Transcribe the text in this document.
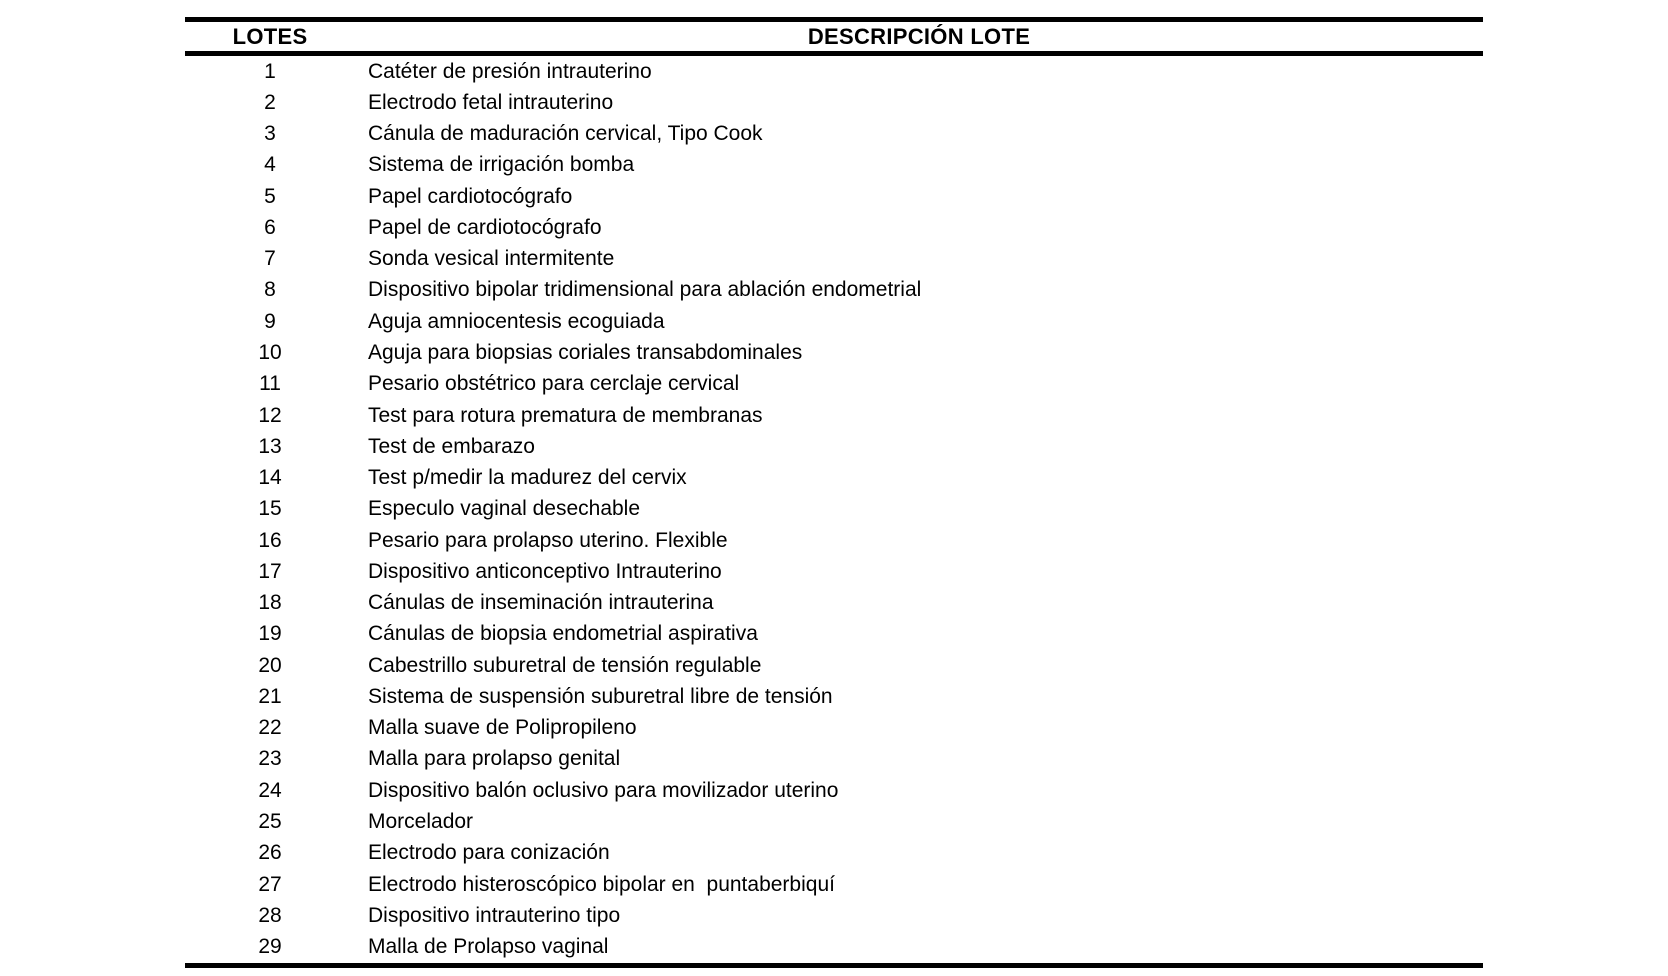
LOTES	DESCRIPCIÓN LOTE
1	Catéter de presión intrauterino
2	Electrodo fetal intrauterino
3	Cánula de maduración cervical, Tipo Cook
4	Sistema de irrigación bomba
5	Papel cardiotocógrafo
6	Papel de cardiotocógrafo
7	Sonda vesical intermitente
8	Dispositivo bipolar tridimensional para ablación endometrial
9	Aguja amniocentesis ecoguiada
10	Aguja para biopsias coriales transabdominales
11	Pesario obstétrico para cerclaje cervical
12	Test para rotura prematura de membranas
13	Test de embarazo
14	Test p/medir la madurez del cervix
15	Especulo vaginal desechable
16	Pesario para prolapso uterino. Flexible
17	Dispositivo anticonceptivo Intrauterino
18	Cánulas de inseminación intrauterina
19	Cánulas de biopsia endometrial aspirativa
20	Cabestrillo suburetral de tensión regulable
21	Sistema de suspensión suburetral libre de tensión
22	Malla suave de Polipropileno
23	Malla para prolapso genital
24	Dispositivo balón oclusivo para movilizador uterino
25	Morcelador
26	Electrodo para conización
27	Electrodo histeroscópico bipolar en  puntaberbiquí
28	Dispositivo intrauterino tipo
29	Malla de Prolapso vaginal
